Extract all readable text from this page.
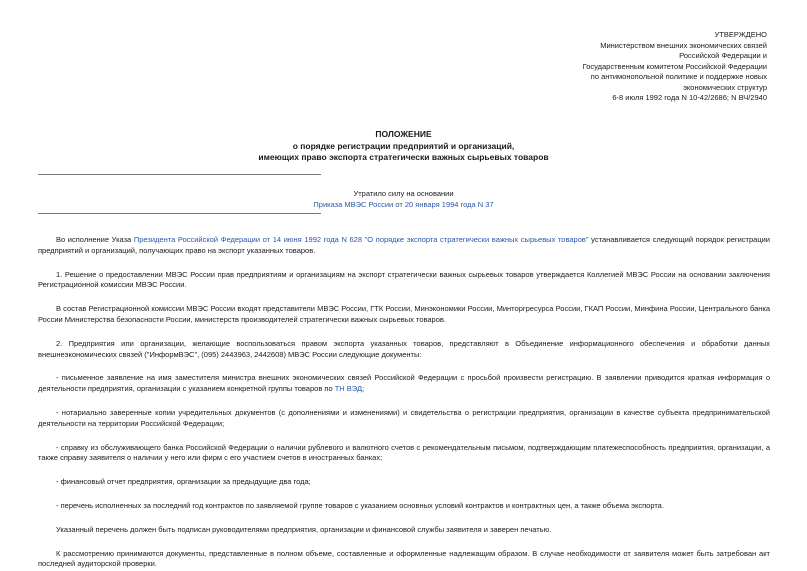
УТВЕРЖДЕНО
Министерством внешних экономических связей
Российской Федерации и
Государственным комитетом Российской Федерации
по антимонопольной политике и поддержке новых
экономических структур
6-8 июля 1992 года N 10-42/2686; N ВЧ/2940
ПОЛОЖЕНИЕ
о порядке регистрации предприятий и организаций,
имеющих право экспорта стратегически важных сырьевых товаров
Утратило силу на основании
Приказа МВЭС России от 20 января 1994 года N 37

Во исполнение Указа Президента Российской Федерации от 14 июня 1992 года N 628 "О порядке экспорта стратегически важных сырьевых товаров" устанавливается следующий порядок регистрации предприятий и организаций, получающих право на экспорт указанных товаров.

1. Решение о предоставлении МВЭС России прав предприятиям и организациям на экспорт стратегически важных сырьевых товаров утверждается Коллегией МВЭС России на основании заключения Регистрационной комиссии МВЭС России.

В состав Регистрационной комиссии МВЭС России входят представители МВЭС России, ГТК России, Минэкономики России, Минторгресурса России, ГКАП России, Минфина России, Центрального банка России Министерства безопасности России, министерств производителей стратегически важных сырьевых товаров.

2. Предприятия или организации, желающие воспользоваться правом экспорта указанных товаров, представляют в Объединение информационного обеспечения и обработки данных внешнеэкономических связей ("ИнформВЭС", (095) 2443963, 2442608) МВЭС России следующие документы:

- письменное заявление на имя заместителя министра внешних экономических связей Российской Федерации с просьбой произвести регистрацию. В заявлении приводится краткая информация о деятельности предприятия, организации с указанием конкретной группы товаров по ТН ВЭД;

- нотариально заверенные копии учредительных документов (с дополнениями и изменениями) и свидетельства о регистрации предприятия, организации в качестве субъекта предпринимательской деятельности на территории Российской Федерации;

- справку из обслуживающего банка Российской Федерации о наличии рублевого и валютного счетов с рекомендательным письмом, подтверждающим платежеспособность предприятия, организации, а также справку заявителя о наличии у него или фирм с его участием счетов в иностранных банках;

- финансовый отчет предприятия, организации за предыдущие два года;

- перечень исполненных за последний год контрактов по заявляемой группе товаров с указанием основных условий контрактов и контрактных цен, а также объема экспорта.

Указанный перечень должен быть подписан руководителями предприятия, организации и финансовой службы заявителя и заверен печатью.

К рассмотрению принимаются документы, представленные в полном объеме, составленные и оформленные надлежащим образом. В случае необходимости от заявителя может быть затребован акт последней аудиторской проверки.
